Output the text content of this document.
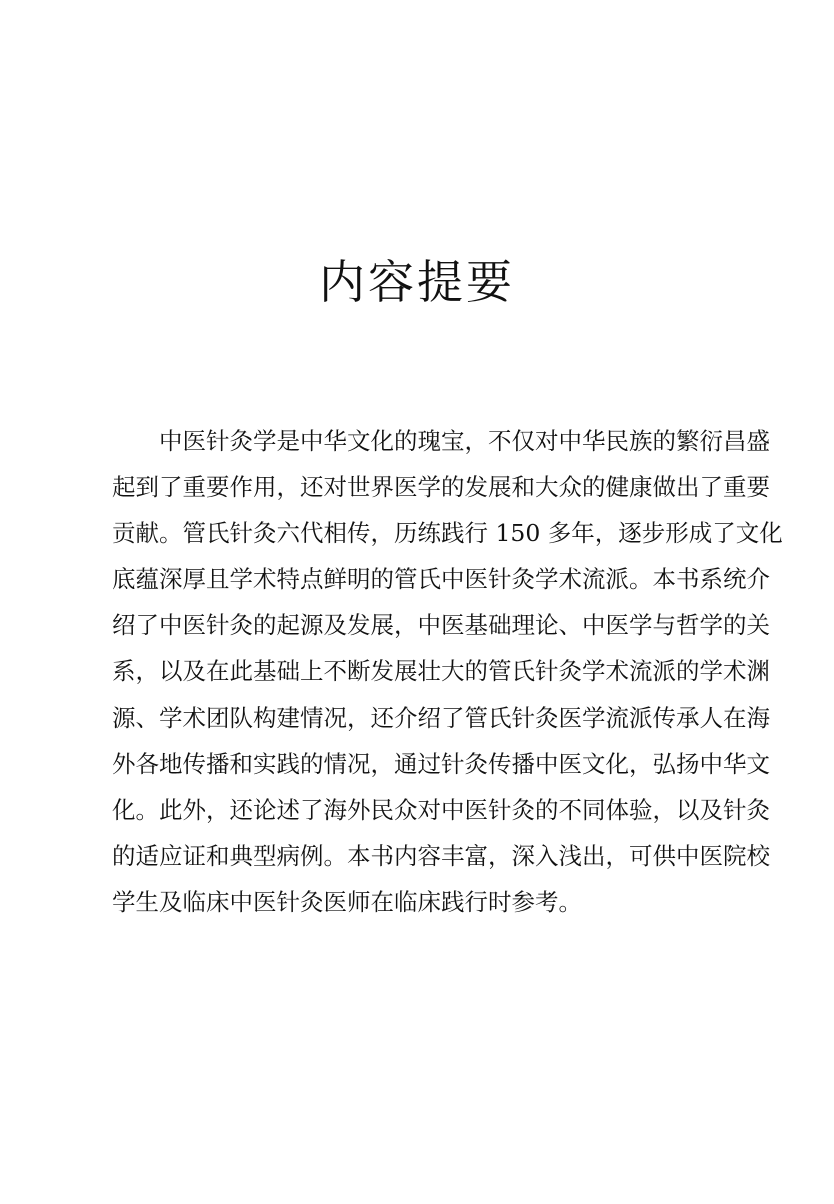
内容提要
中医针灸学是中华文化的瑰宝，不仅对中华民族的繁衍昌盛
起到了重要作用，还对世界医学的发展和大众的健康做出了重要
贡献。管氏针灸六代相传，历练践行 150 多年，逐步形成了文化
底蕴深厚且学术特点鲜明的管氏中医针灸学术流派。本书系统介
绍了中医针灸的起源及发展，中医基础理论、中医学与哲学的关
系，以及在此基础上不断发展壮大的管氏针灸学术流派的学术渊
源、学术团队构建情况，还介绍了管氏针灸医学流派传承人在海
外各地传播和实践的情况，通过针灸传播中医文化，弘扬中华文
化。此外，还论述了海外民众对中医针灸的不同体验，以及针灸
的适应证和典型病例。本书内容丰富，深入浅出，可供中医院校
学生及临床中医针灸医师在临床践行时参考。
